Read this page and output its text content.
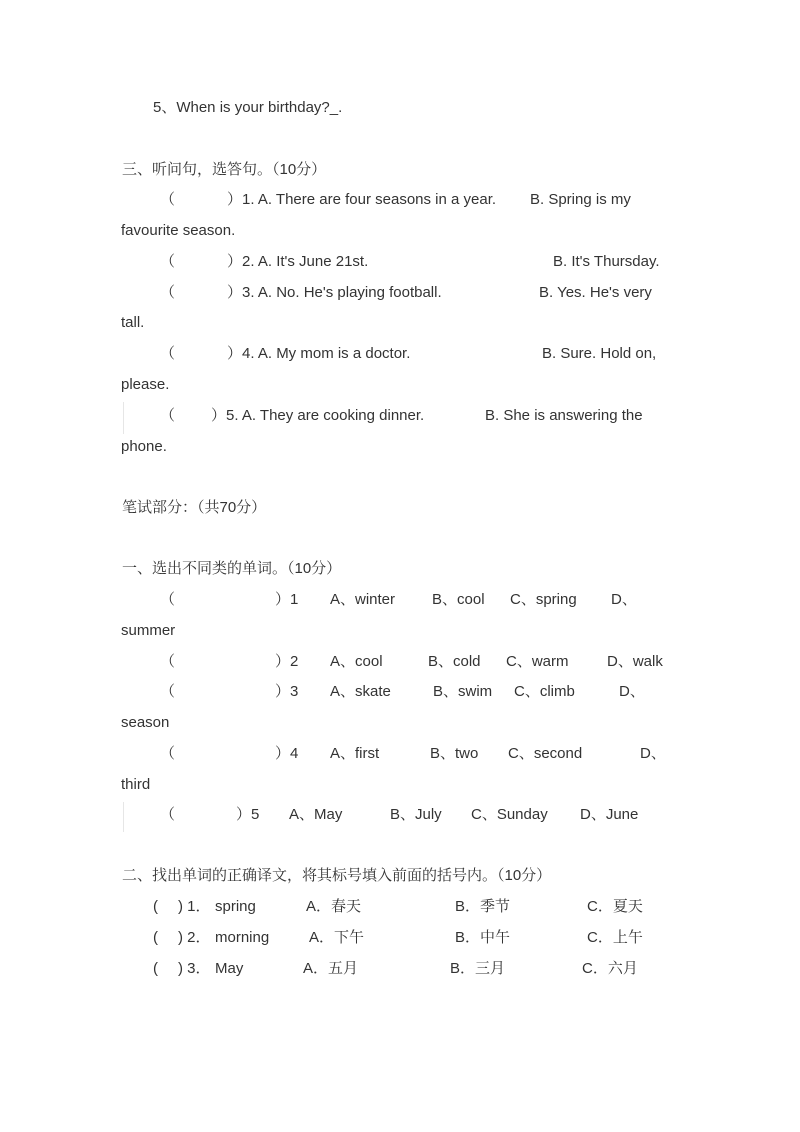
5、When is your birthday?_.
三、听问句，选答句。（10分）
（	）1. A. There are four seasons in a year. B. Spring is my
favourite season.
（	）2. A. It's June 21st.	B. It's Thursday.
（	）3. A. No. He's playing football.	B. Yes. He's very
tall.
（	）4. A. My mom is a doctor.	B. Sure. Hold on,
please.
（ ）5. A. They are cooking dinner.	B. She is answering the
phone.
笔试部分：（共70分）
一、选出不同类的单词。（10分）
（	）1 A、winter B、cool C、spring D、
summer
（	）2 A、cool	B、cold C、warm	D、walk
（	）3 A、skate	B、swim C、climb	D、
season
（	）4 A、first	B、two C、second	D、
third
（	）5 A、May	B、July C、Sunday D、June
二、找出单词的正确译文，将其标号填入前面的括号内。（10分）
( ) 1． spring	A．春天	B．季节	C．夏天
( ) 2． morning	A．下午	B．中午	C．上午
( ) 3． May	A．五月	B．三月	C．六月
